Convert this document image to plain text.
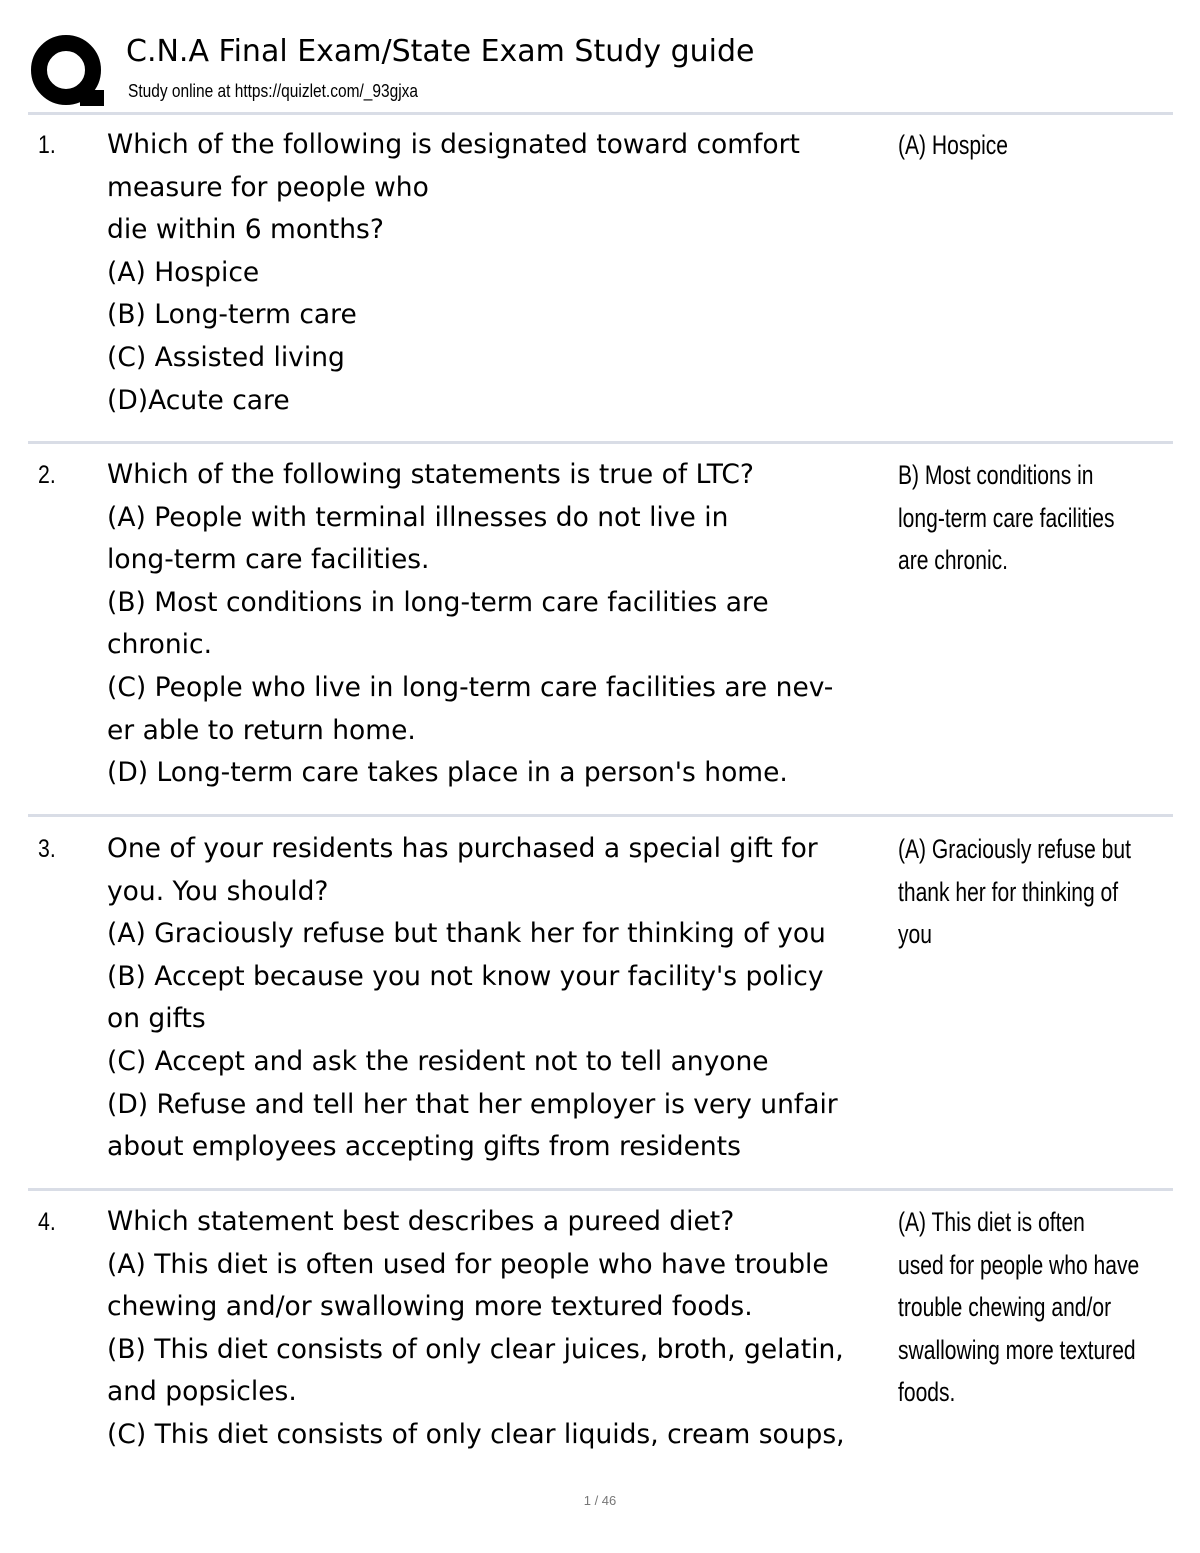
C.N.A Final Exam/State Exam Study guide
Study online at https://quizlet.com/_93gjxa
1. Which of the following is designated toward comfort
measure for people who
die within 6 months?
(A) Hospice
(B) Long-term care
(C) Assisted living
(D)Acute care
(A) Hospice
2. Which of the following statements is true of LTC?
(A) People with terminal illnesses do not live in
long-term care facilities.
(B) Most conditions in long-term care facilities are
chronic.
(C) People who live in long-term care facilities are nev-
er able to return home.
(D) Long-term care takes place in a person's home.
B) Most conditions in
long-term care facilities
are chronic.
3. One of your residents has purchased a special gift for
you. You should?
(A) Graciously refuse but thank her for thinking of you
(B) Accept because you not know your facility's policy
on gifts
(C) Accept and ask the resident not to tell anyone
(D) Refuse and tell her that her employer is very unfair
about employees accepting gifts from residents
(A) Graciously refuse but
thank her for thinking of
you
4. Which statement best describes a pureed diet?
(A) This diet is often used for people who have trouble
chewing and/or swallowing more textured foods.
(B) This diet consists of only clear juices, broth, gelatin,
and popsicles.
(C) This diet consists of only clear liquids, cream soups,
(A) This diet is often
used for people who have
trouble chewing and/or
swallowing more textured
foods.
1 / 46
